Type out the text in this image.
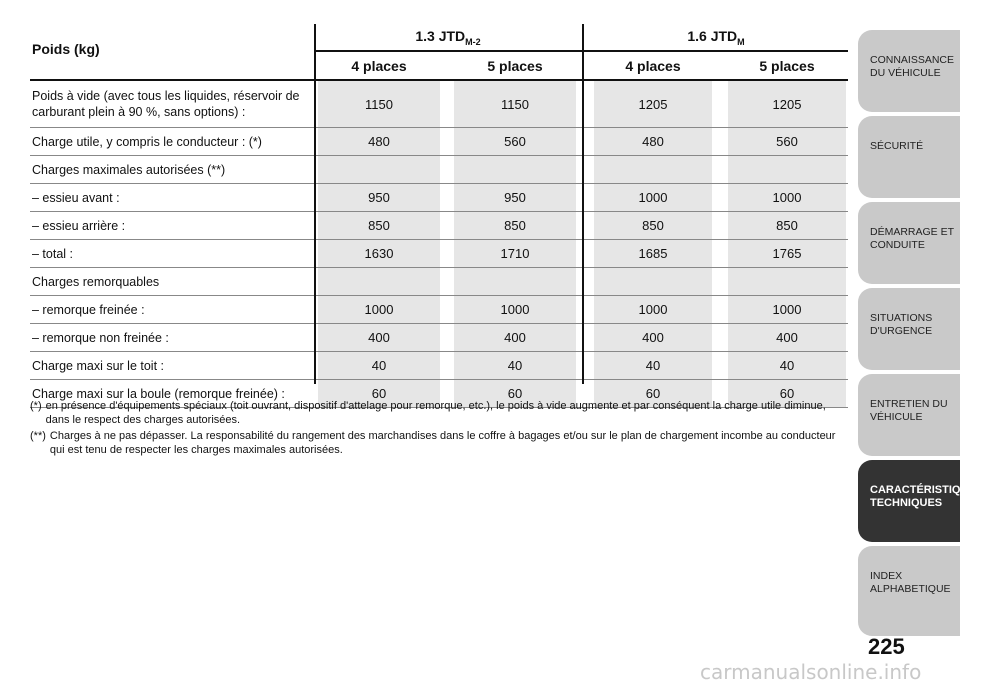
Poids (kg)
1.3 $JTD_{M-2}$	1.6 $JTD_M$
4 places	5 places	4 places	5 places
Poids à vide (avec tous les liquides, réservoir de carburant plein à 90 %, sans options) :
1150	1150	1205	1205
Charge utile, y compris le conducteur : (*)	480	560	480	560
Charges maximales autorisées (**)
– essieu avant :	950	950	1000	1000
– essieu arrière :	850	850	850	850
– total :	1630	1710	1685	1765
Charges remorquables
– remorque freinée :	1000	1000	1000	1000
– remorque non freinée :	400	400	400	400
Charge maxi sur le toit :	40	40	40	40
Charge maxi sur la boule (remorque freinée) :	60	60	60	60
(*) en présence d'équipements spéciaux (toit ouvrant, dispositif d'attelage pour remorque, etc.), le poids à vide augmente et par conséquent la charge utile diminue, dans le respect des charges autorisées.
(**) Charges à ne pas dépasser. La responsabilité du rangement des marchandises dans le coffre à bagages et/ou sur le plan de chargement incombe au conducteur qui est tenu de respecter les charges maximales autorisées.
CONNAISSANCE DU VÉHICULE
SÉCURITÉ
DÉMARRAGE ET CONDUITE
SITUATIONS D'URGENCE
ENTRETIEN DU VÉHICULE
CARACTÉRISTIQUES TECHNIQUES
INDEX ALPHABETIQUE
225
carmanualsonline.info
